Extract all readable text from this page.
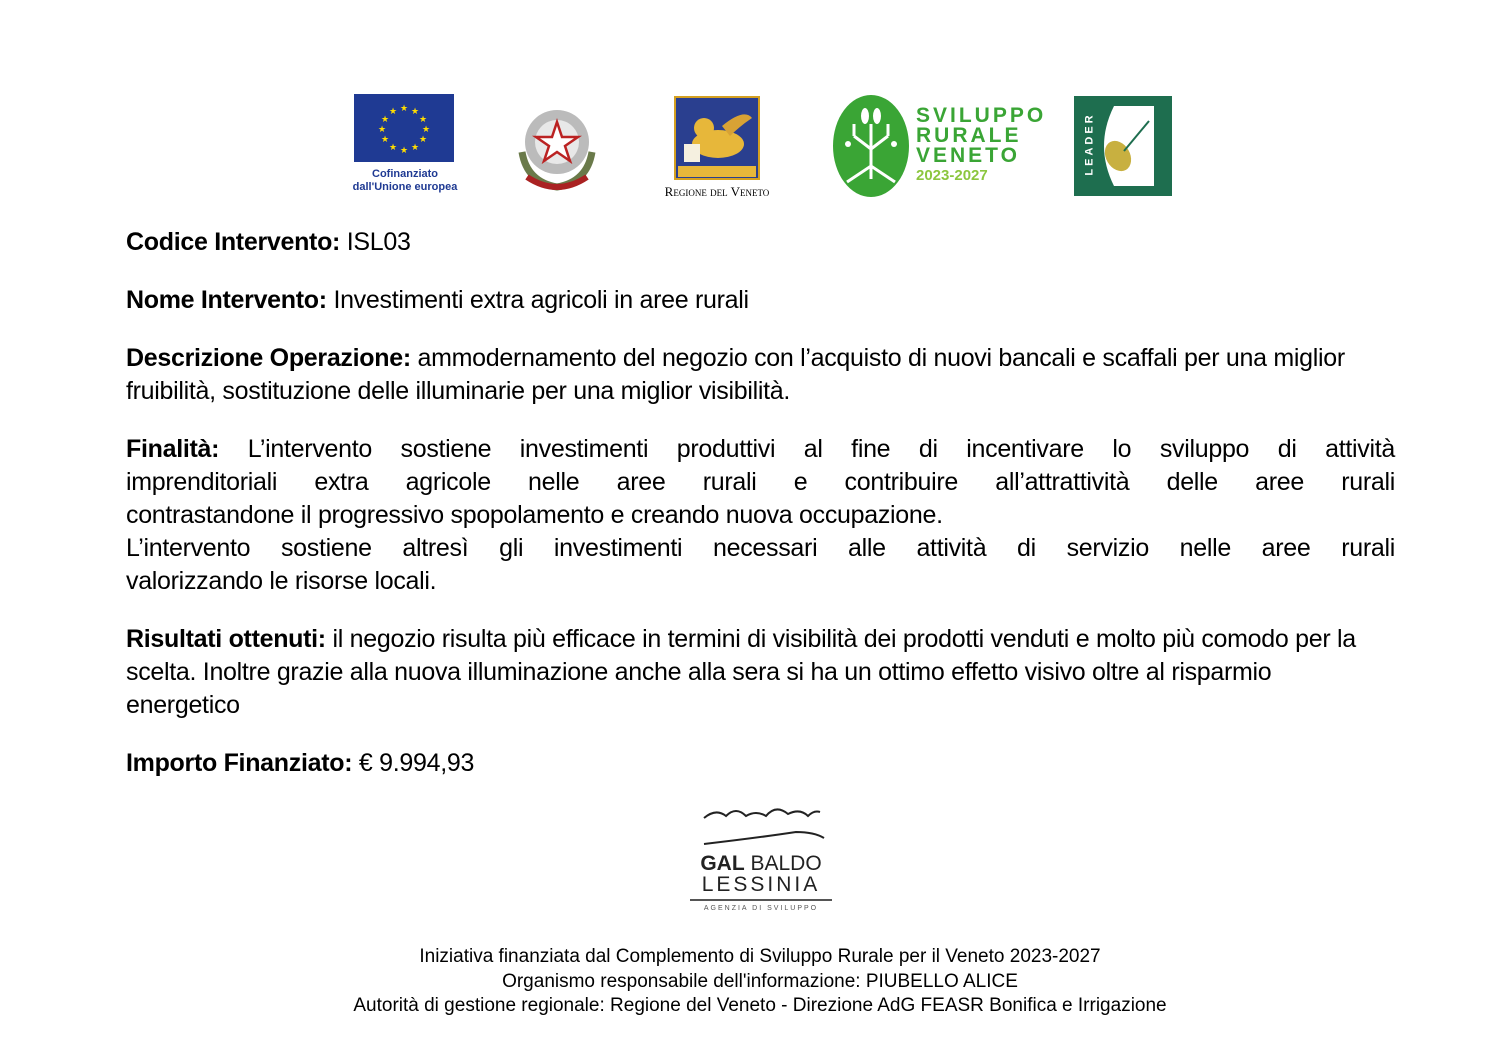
★ ★
★
★
★
★
★
★
★
★
★
★
Cofinanziato
dall'Unione europea	Regione del Veneto
SVILUPPO
RURALE
VENETO
2023-2027	LEADER

Codice Intervento: ISL03

Nome Intervento: Investimenti extra agricoli in aree rurali

Descrizione Operazione: ammodernamento del negozio con l’acquisto di nuovi bancali e scaffali per una miglior fruibilità, sostituzione delle illuminarie per una miglior visibilità.

Finalità: L’intervento sostiene investimenti produttivi al fine di incentivare lo sviluppo di attività
imprenditoriali extra agricole nelle aree rurali e contribuire all’attrattività delle aree rurali
contrastandone il progressivo spopolamento e creando nuova occupazione.
L’intervento sostiene altresì gli investimenti necessari alle attività di servizio nelle aree rurali
valorizzando le risorse locali.

Risultati ottenuti: il negozio risulta più efficace in termini di visibilità dei prodotti venduti e molto più comodo per la scelta. Inoltre grazie alla nuova illuminazione anche alla sera si ha un ottimo effetto visivo oltre al risparmio energetico

Importo Finanziato: € 9.994,93

GAL BALDO
LESSINIA
AGENZIA DI SVILUPPO
Iniziativa finanziata dal Complemento di Sviluppo Rurale per il Veneto 2023-2027
Organismo responsabile dell'informazione: PIUBELLO ALICE
Autorità di gestione regionale: Regione del Veneto - Direzione AdG FEASR Bonifica e Irrigazione
